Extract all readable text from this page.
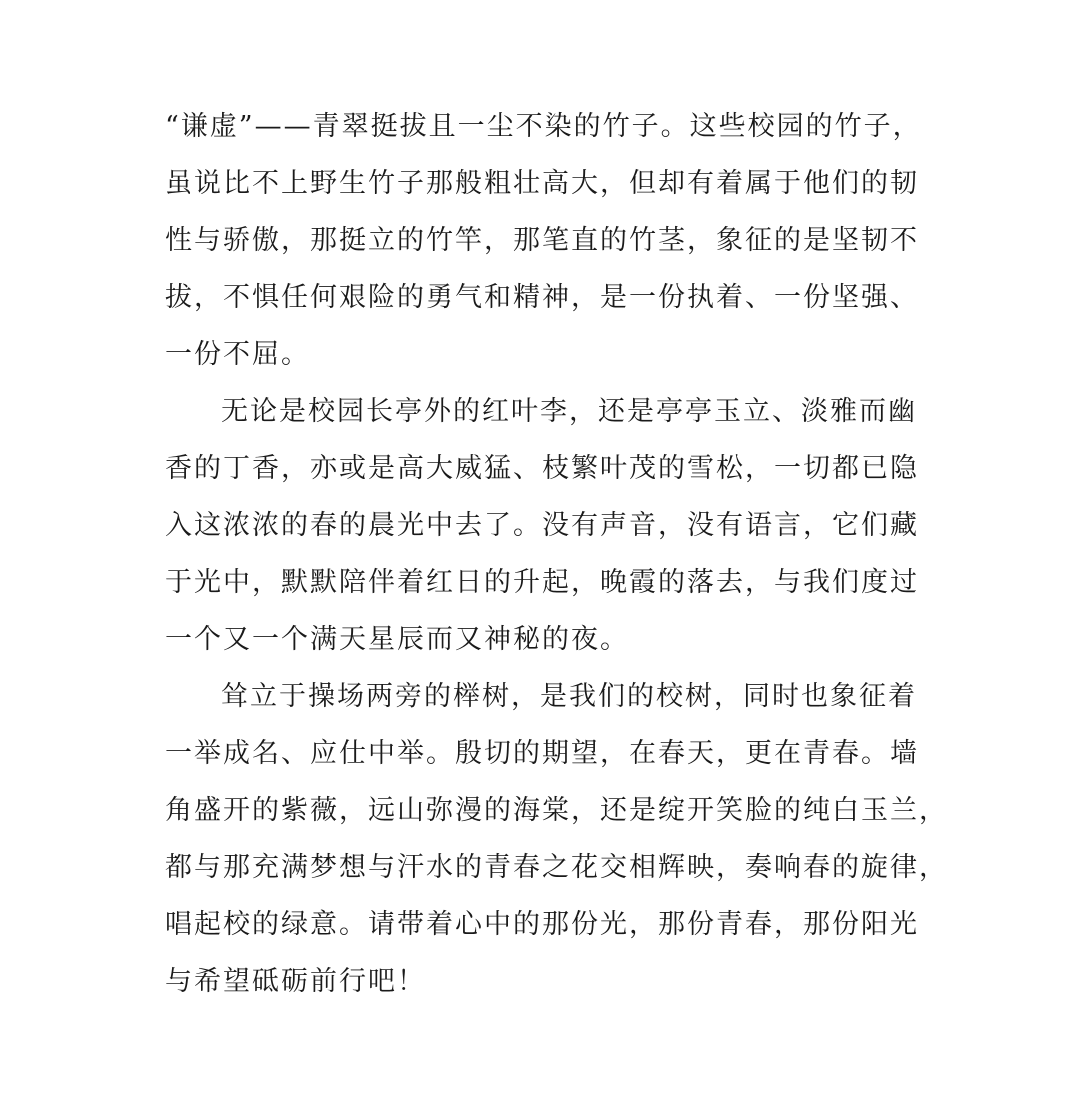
“谦虚”——青翠挺拔且一尘不染的竹子。这些校园的竹子，
虽说比不上野生竹子那般粗壮高大，但却有着属于他们的韧
性与骄傲，那挺立的竹竿，那笔直的竹茎，象征的是坚韧不
拔，不惧任何艰险的勇气和精神，是一份执着、一份坚强、
一份不屈。
无论是校园长亭外的红叶李，还是亭亭玉立、淡雅而幽
香的丁香，亦或是高大威猛、枝繁叶茂的雪松，一切都已隐
入这浓浓的春的晨光中去了。没有声音，没有语言，它们藏
于光中，默默陪伴着红日的升起，晚霞的落去，与我们度过
一个又一个满天星辰而又神秘的夜。
耸立于操场两旁的榉树，是我们的校树，同时也象征着
一举成名、应仕中举。殷切的期望，在春天，更在青春。墙
角盛开的紫薇，远山弥漫的海棠，还是绽开笑脸的纯白玉兰，
都与那充满梦想与汗水的青春之花交相辉映，奏响春的旋律，
唱起校的绿意。请带着心中的那份光，那份青春，那份阳光
与希望砥砺前行吧！
